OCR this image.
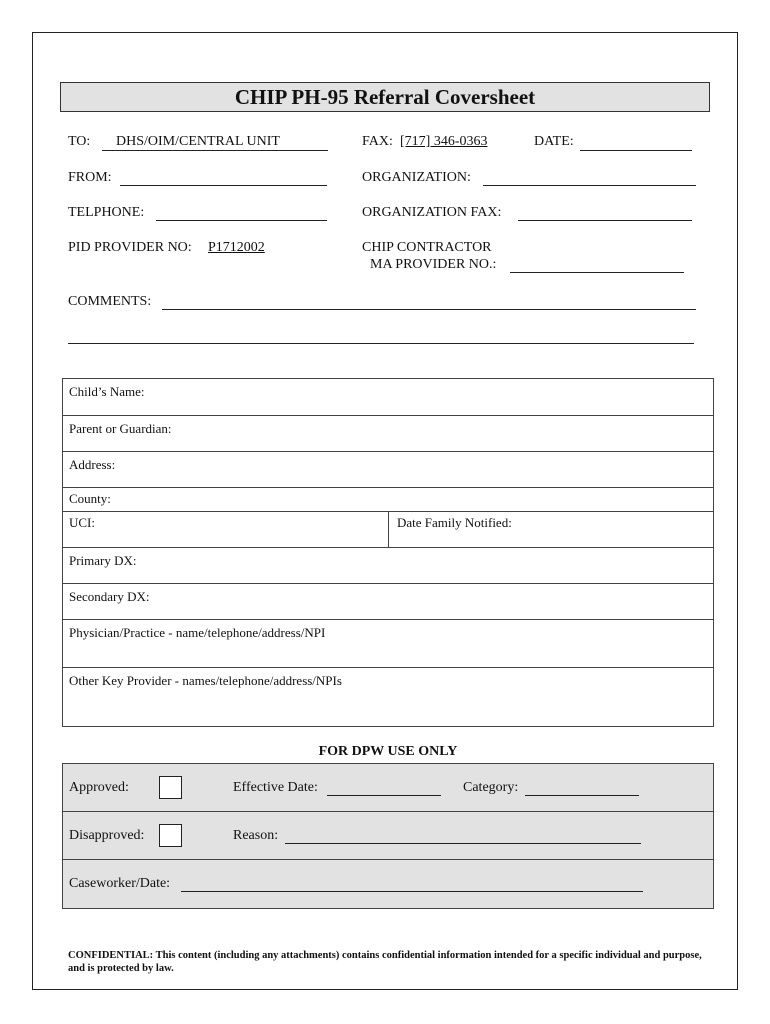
CHIP PH-95 Referral Coversheet
TO: DHS/OIM/CENTRAL UNIT	FAX: [717] 346-0363	DATE:
FROM:	ORGANIZATION:
TELPHONE:	ORGANIZATION FAX:
PID PROVIDER NO: P1712002	CHIP CONTRACTOR
MA PROVIDER NO.:
COMMENTS:
Child’s Name:
Parent or Guardian:
Address:
County:
UCI:	Date Family Notified:
Primary DX:
Secondary DX:
Physician/Practice - name/telephone/address/NPI
Other Key Provider - names/telephone/address/NPIs
FOR DPW USE ONLY
Approved:	Effective Date:	Category:
Disapproved:	Reason:
Caseworker/Date:
CONFIDENTIAL: This content (including any attachments) contains confidential information intended for a specific individual and purpose, and is protected by law.
